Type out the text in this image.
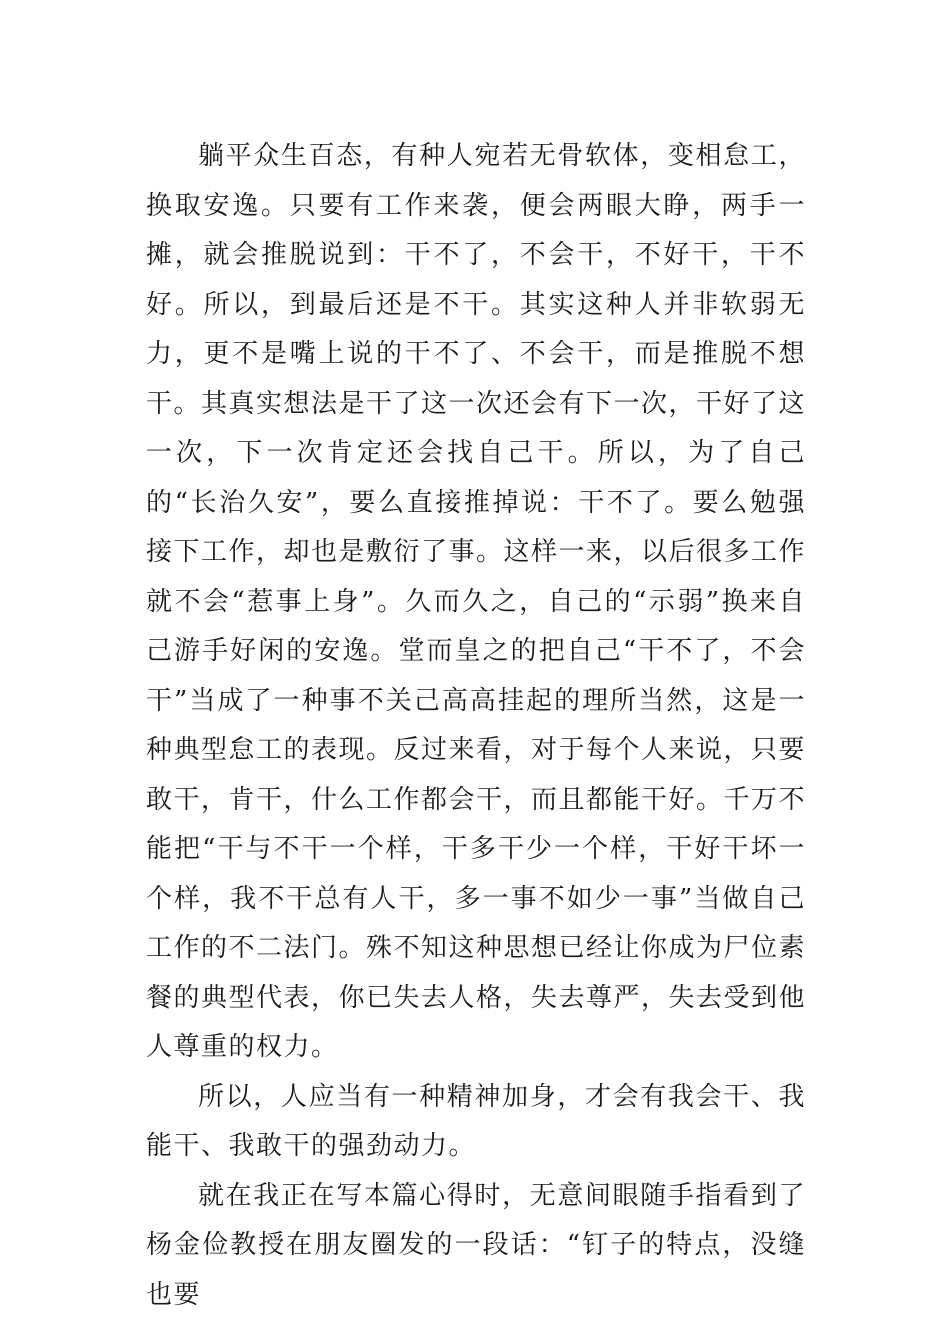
躺平众生百态，有种人宛若无骨软体，变相怠工，换取安逸。只要有工作来袭，便会两眼大睁，两手一摊，就会推脱说到：干不了，不会干，不好干，干不好。所以，到最后还是不干。其实这种人并非软弱无力，更不是嘴上说的干不了、不会干，而是推脱不想干。其真实想法是干了这一次还会有下一次，干好了这一次，下一次肯定还会找自己干。所以，为了自己的“长治久安”，要么直接推掉说：干不了。要么勉强接下工作，却也是敷衍了事。这样一来，以后很多工作就不会“惹事上身”。久而久之，自己的“示弱”换来自己游手好闲的安逸。堂而皇之的把自己“干不了，不会干”当成了一种事不关己高高挂起的理所当然，这是一种典型怠工的表现。反过来看，对于每个人来说，只要敢干，肯干，什么工作都会干，而且都能干好。千万不能把“干与不干一个样，干多干少一个样，干好干坏一个样，我不干总有人干，多一事不如少一事”当做自己工作的不二法门。殊不知这种思想已经让你成为尸位素餐的典型代表，你已失去人格，失去尊严，失去受到他人尊重的权力。

所以，人应当有一种精神加身，才会有我会干、我能干、我敢干的强劲动力。

就在我正在写本篇心得时，无意间眼随手指看到了杨金俭教授在朋友圈发的一段话：“钉子的特点，没缝也要
